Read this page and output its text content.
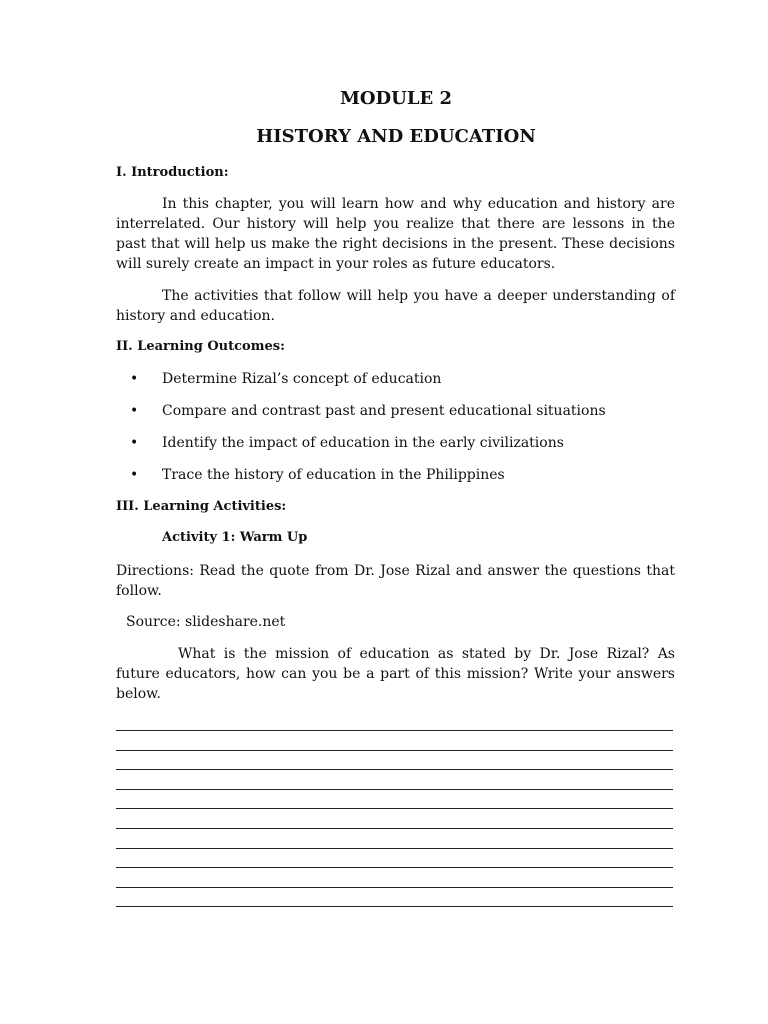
MODULE 2
HISTORY AND EDUCATION
I. Introduction:
In this chapter, you will learn how and why education and history are interrelated. Our history will help you realize that there are lessons in the past that will help us make the right decisions in the present. These decisions will surely create an impact in your roles as future educators.
The activities that follow will help you have a deeper understanding of history and education.
II. Learning Outcomes:
• Determine Rizal’s concept of education
• Compare and contrast past and present educational situations
• Identify the impact of education in the early civilizations
• Trace the history of education in the Philippines
III. Learning Activities:
Activity 1: Warm Up
Directions: Read the quote from Dr. Jose Rizal and answer the questions that follow.
Source: slideshare.net
What is the mission of education as stated by Dr. Jose Rizal? As future educators, how can you be a part of this mission? Write your answers below.
